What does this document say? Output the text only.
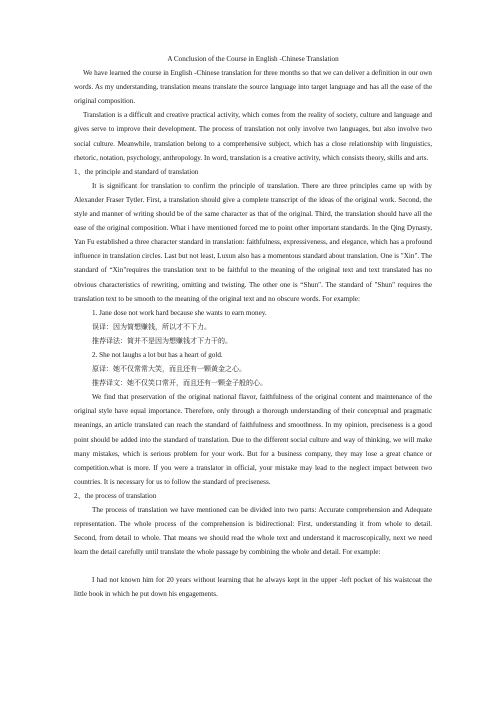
A Conclusion of the Course in English -Chinese Translation
We have learned the course in English -Chinese translation for three months so that we can deliver a definition in our own words. As my understanding, translation means translate the source language into target language and has all the ease of the original composition.
Translation is a difficult and creative practical activity, which comes from the reality of society, culture and language and gives serve to improve their development. The process of translation not only involve two languages, but also involve two social culture. Meanwhile, translation belong to a comprehensive subject, which has a close relationship with linguistics, rhetoric, notation, psychology, anthropology. In word, translation is a creative activity, which consists theory, skills and arts.
1、the principle and standard of translation
It is significant for translation to confirm the principle of translation. There are three principles came up with by Alexander Fraser Tytler. First, a translation should give a complete transcript of the ideas of the original work. Second, the style and manner of writing should be of the same character as that of the original. Third, the translation should have all the ease of the original composition. What i have mentioned forced me to point other important standards. In the Qing Dynasty, Yan Fu established a three character standard in translation: faithfulness, expressiveness, and elegance, which has a profound influence in translation circles. Last but not least, Luxun also has a momentous standard about translation. One is "Xin". The standard of “Xin"requires the translation text to be faithful to the meaning of the original text and text translated has no obvious characteristics of rewriting, omitting and twisting. The other one is “Shun". The standard of "Shun" requires the translation text to be smooth to the meaning of the original text and no obscure words. For example:
1. Jane dose not work hard because she wants to earn money.
误译：因为简想赚钱，所以才不下力。
推荐译法：简并不是因为想赚钱才下力干的。
2. She not laughs a lot but has a heart of gold.
原译：她不仅常常大笑，而且还有一颗黄金之心。
推荐译文：她不仅笑口常开，而且还有一颗金子般的心。
We find that preservation of the original national flavor, faithfulness of the original content and maintenance of the original style have equal importance. Therefore, only through a thorough understanding of their conceptual and pragmatic meanings, an article translated can reach the standard of faithfulness and smoothness. In my opinion, preciseness is a good point should be added into the standard of translation. Due to the different social culture and way of thinking, we will make many mistakes, which is serious problem for your work. But for a business company, they may lose a great chance or competition.what is more. If you were a translator in official, your mistake may lead to the neglect impact between two countries. It is necessary for us to follow the standard of preciseness.
2、the process of translation
The process of translation we have mentioned can be divided into two parts: Accurate comprehension and Adequate representation. The whole process of the comprehension is bidirectional: First, understanding it from whole to detail. Second, from detail to whole. That means we should read the whole text and understand it macroscopically, next we need learn the detail carefully until translate the whole passage by combining the whole and detail. For example:
I had not known him for 20 years without learning that he always kept in the upper -left pocket of his waistcoat the little book in which he put down his engagements.
